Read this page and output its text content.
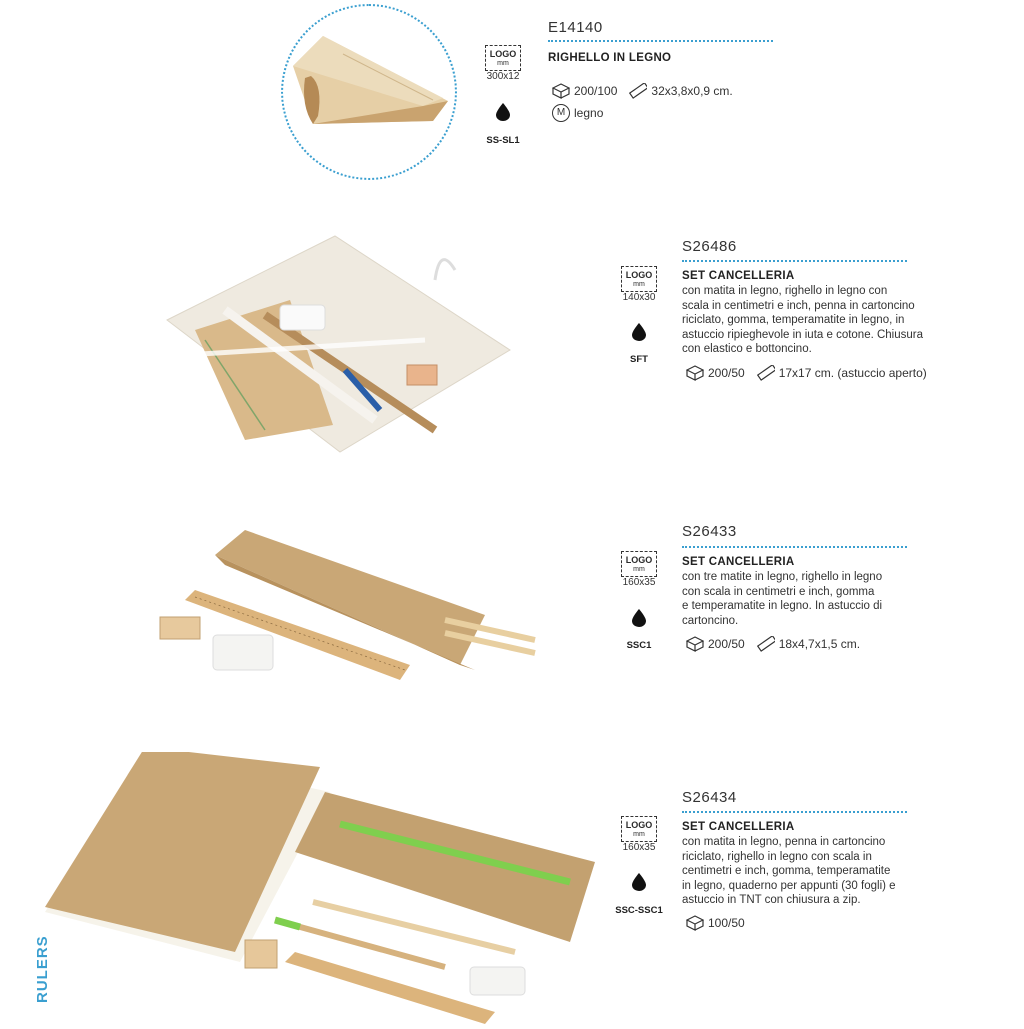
LOGO
mm
300x12
SS-SL1
E14140
RIGHELLO IN LEGNO
200/100	32x3,8x0,9 cm.
M legno
LOGO
mm
140x30
SFT
S26486
SET CANCELLERIA
con matita in legno, righello in legno con
scala in centimetri e inch, penna in cartoncino
riciclato, gomma, temperamatite in legno, in
astuccio ripieghevole in iuta e cotone. Chiusura
con elastico e bottoncino.
200/50	17x17 cm. (astuccio aperto)
LOGO
mm
160x35
SSC1
S26433
SET CANCELLERIA
con tre matite in legno, righello in legno
con scala in centimetri e inch, gomma
e temperamatite in legno. In astuccio di
cartoncino.
200/50	18x4,7x1,5 cm.
LOGO
mm
160x35
SSC-SSC1
S26434
SET CANCELLERIA
con matita in legno, penna in cartoncino
riciclato, righello in legno con scala in
centimetri e inch, gomma, temperamatite
in legno, quaderno per appunti (30 fogli) e
astuccio in TNT con chiusura a zip.
100/50
RULERS
